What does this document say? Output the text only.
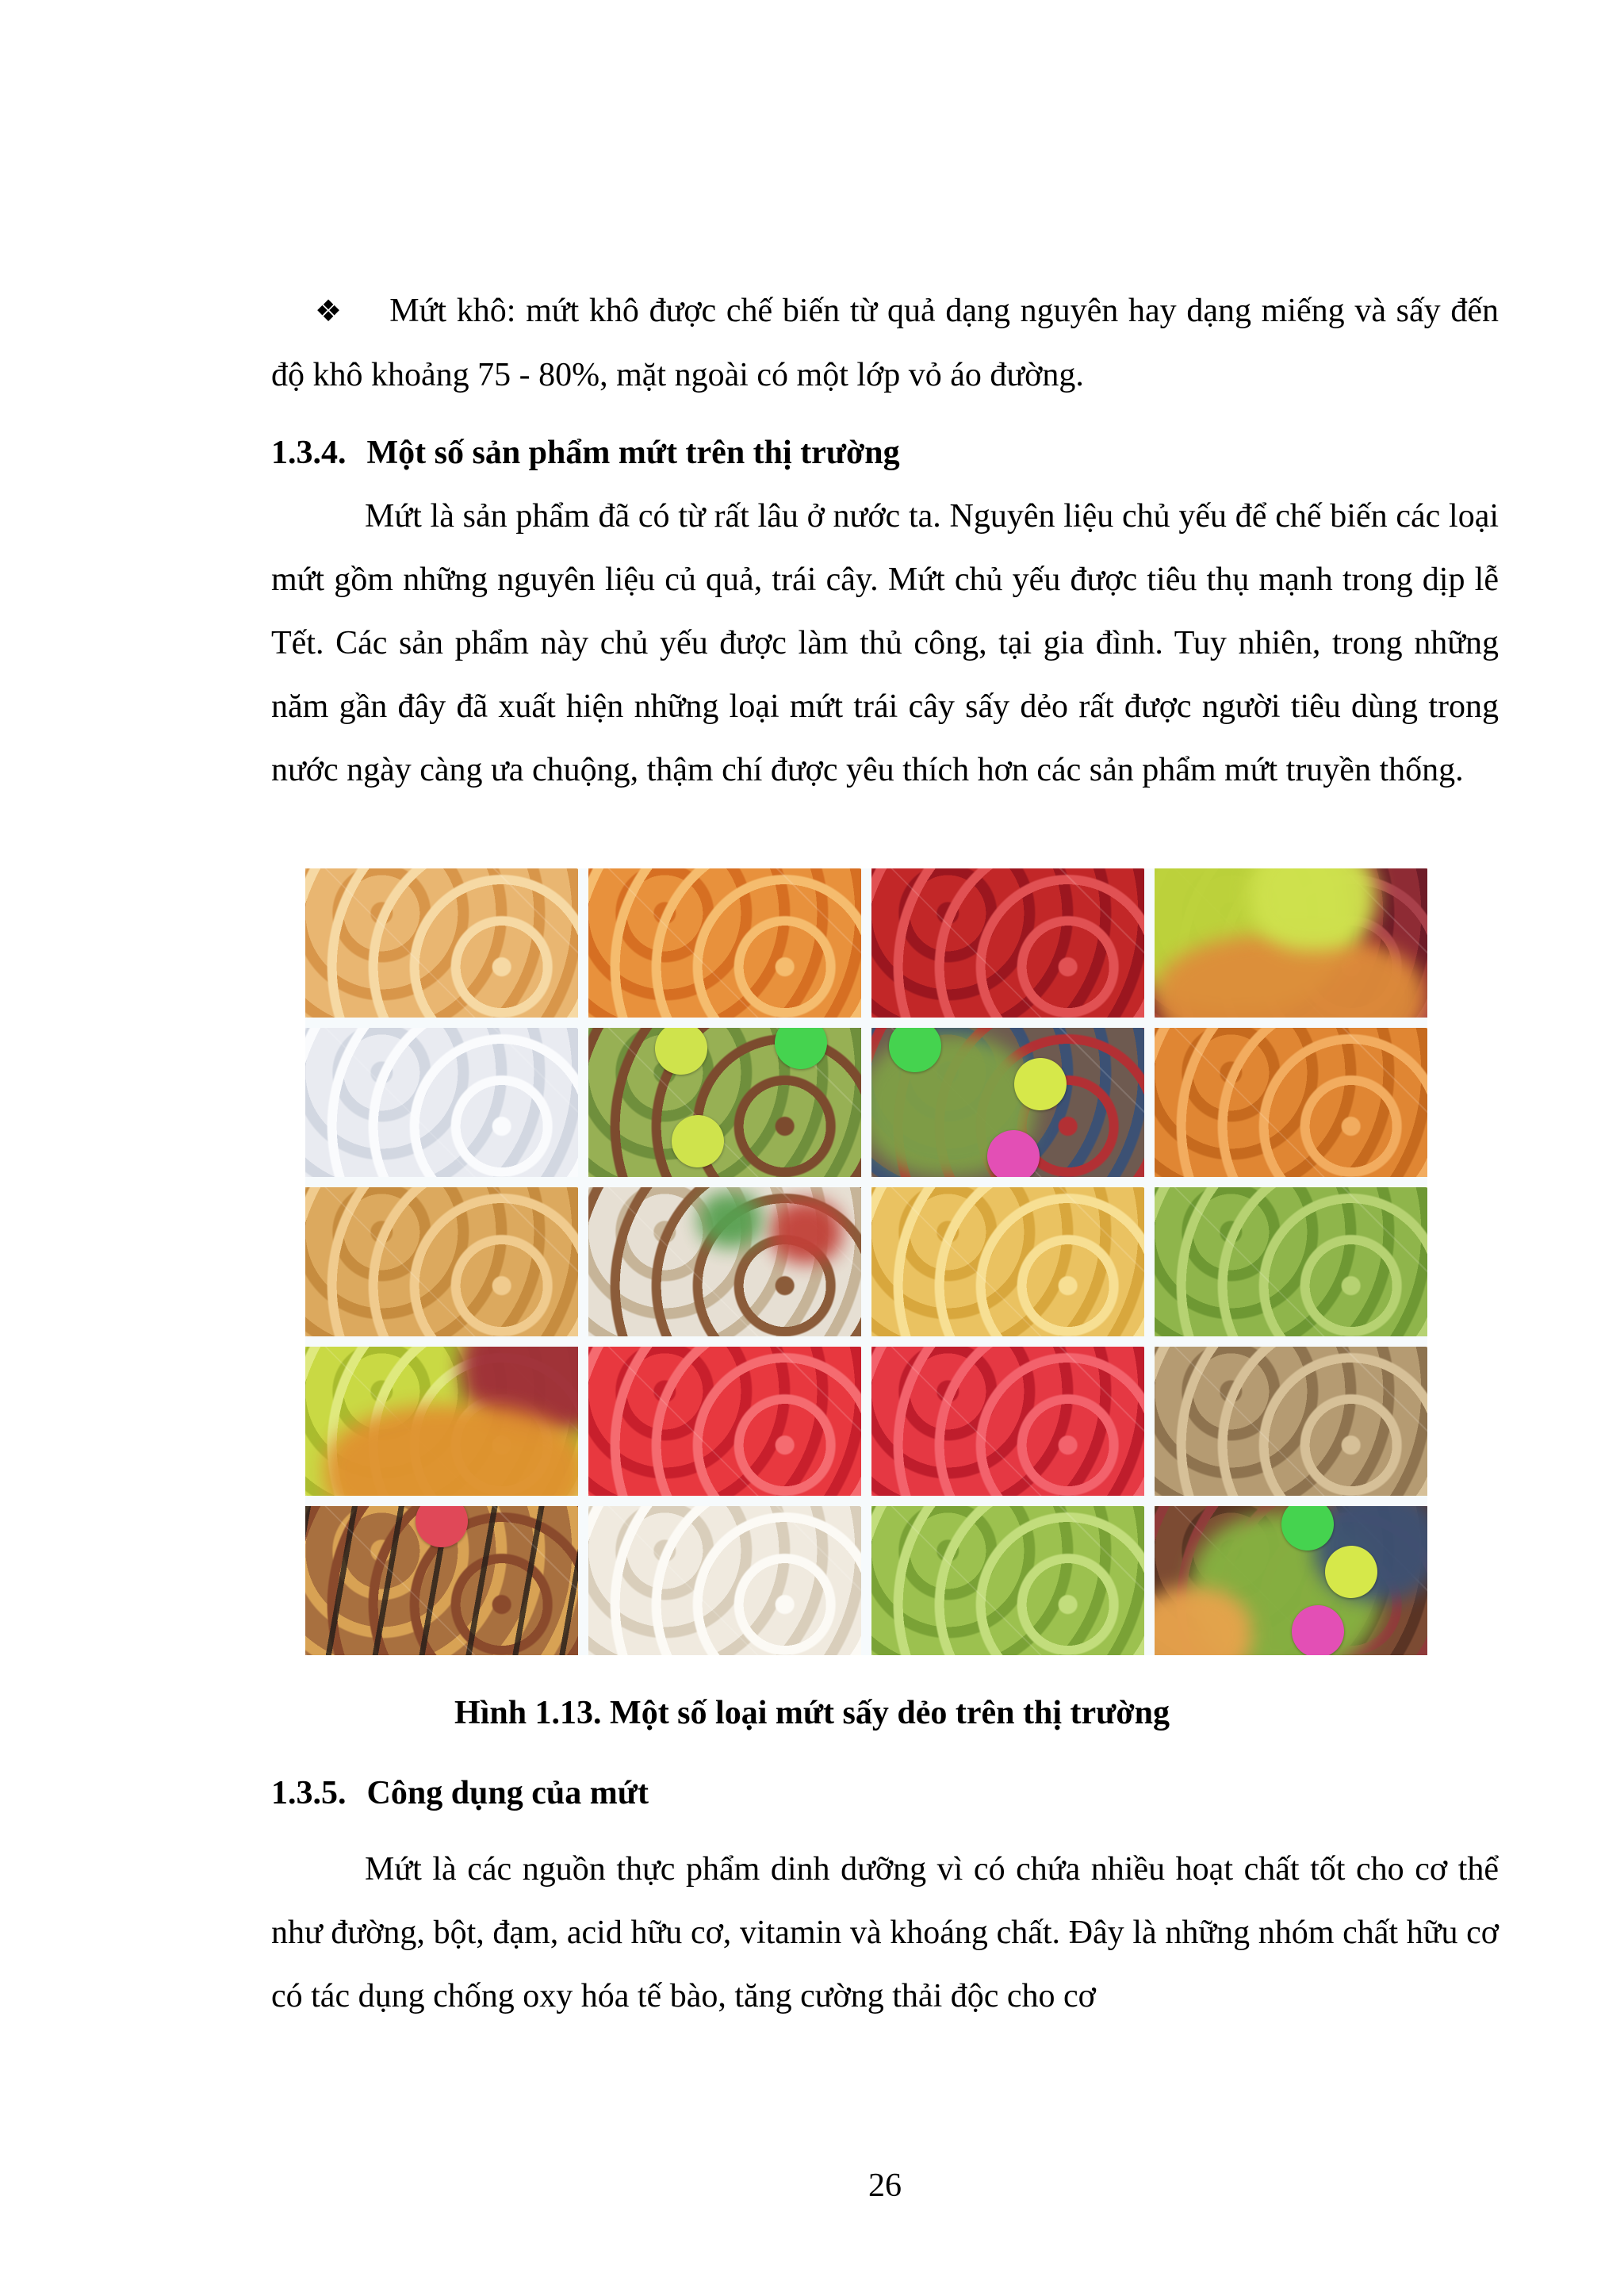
❖ Mứt khô: mứt khô được chế biến từ quả dạng nguyên hay dạng miếng và sấy đến độ khô khoảng 75 - 80%, mặt ngoài có một lớp vỏ áo đường.

1.3.4. Một số sản phẩm mứt trên thị trường

Mứt là sản phẩm đã có từ rất lâu ở nước ta. Nguyên liệu chủ yếu để chế biến các loại mứt gồm những nguyên liệu củ quả, trái cây. Mứt chủ yếu được tiêu thụ mạnh trong dịp lễ Tết. Các sản phẩm này chủ yếu được làm thủ công, tại gia đình. Tuy nhiên, trong những năm gần đây đã xuất hiện những loại mứt trái cây sấy dẻo rất được người tiêu dùng trong nước ngày càng ưa chuộng, thậm chí được yêu thích hơn các sản phẩm mứt truyền thống.

Hình 1.13. Một số loại mứt sấy dẻo trên thị trường
1.3.5. Công dụng của mứt

Mứt là các nguồn thực phẩm dinh dưỡng vì có chứa nhiều hoạt chất tốt cho cơ thể như đường, bột, đạm, acid hữu cơ, vitamin và khoáng chất. Đây là những nhóm chất hữu cơ có tác dụng chống oxy hóa tế bào, tăng cường thải độc cho cơ

26
